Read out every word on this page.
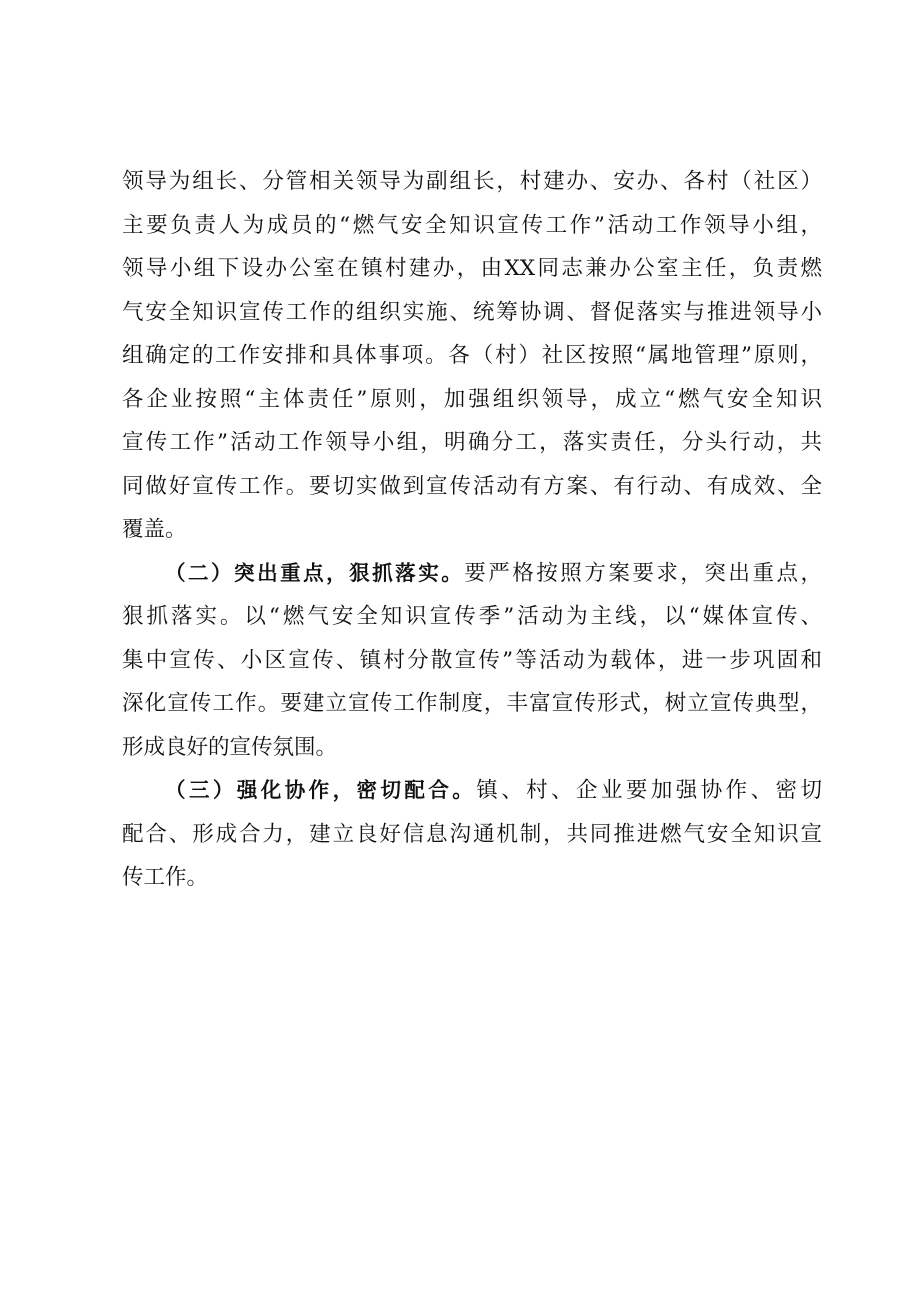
领导为组长、分管相关领导为副组长，村建办、安办、各村（社区）
主要负责人为成员的“燃气安全知识宣传工作”活动工作领导小组，
领导小组下设办公室在镇村建办，由XX同志兼办公室主任，负责燃
气安全知识宣传工作的组织实施、统筹协调、督促落实与推进领导小
组确定的工作安排和具体事项。各（村）社区按照“属地管理”原则，
各企业按照“主体责任”原则，加强组织领导，成立“燃气安全知识
宣传工作”活动工作领导小组，明确分工，落实责任，分头行动，共
同做好宣传工作。要切实做到宣传活动有方案、有行动、有成效、全
覆盖。
（二）突出重点，狠抓落实。要严格按照方案要求，突出重点，
狠抓落实。以“燃气安全知识宣传季”活动为主线，以“媒体宣传、
集中宣传、小区宣传、镇村分散宣传”等活动为载体，进一步巩固和
深化宣传工作。要建立宣传工作制度，丰富宣传形式，树立宣传典型，
形成良好的宣传氛围。
（三）强化协作，密切配合。镇、村、企业要加强协作、密切
配合、形成合力，建立良好信息沟通机制，共同推进燃气安全知识宣
传工作。
